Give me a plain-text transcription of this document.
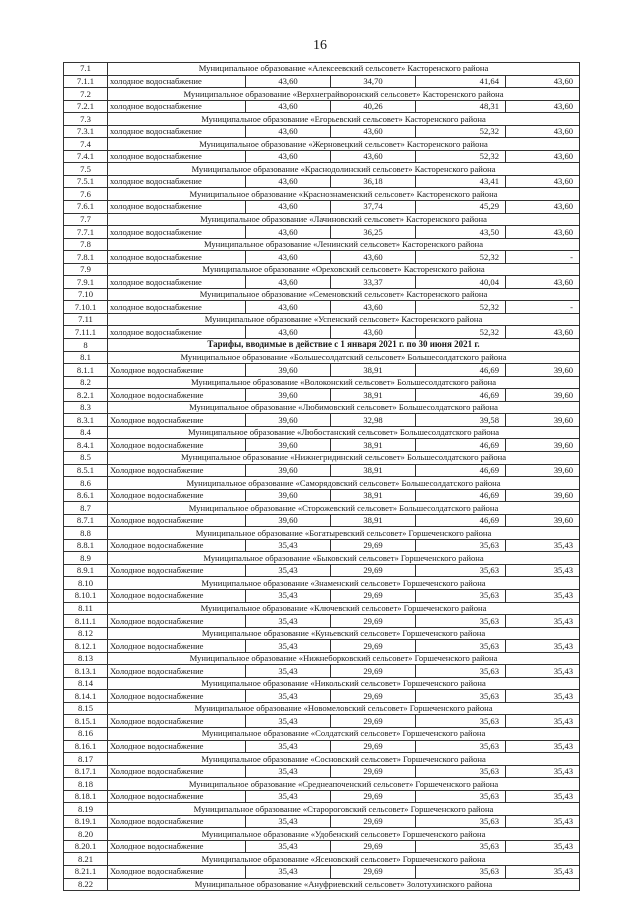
16
7.1	Муниципальное образование «Алексеевский сельсовет» Касторенского района				
7.1.1	холодное водоснабжение	43,60	34,70	41,64	43,60
7.2	Муниципальное образование «Верхнеграйворонский сельсовет» Касторенского района				
7.2.1	холодное водоснабжение	43,60	40,26	48,31	43,60
7.3	Муниципальное образование «Егорьевский сельсовет» Касторенского района				
7.3.1	холодное водоснабжение	43,60	43,60	52,32	43,60
7.4	Муниципальное образование «Жерновецкий сельсовет» Касторенского района				
7.4.1	холодное водоснабжение	43,60	43,60	52,32	43,60
7.5	Муниципальное образование «Краснодолинский сельсовет» Касторенского района				
7.5.1	холодное водоснабжение	43,60	36,18	43,41	43,60
7.6	Муниципальное образование «Краснознаменский сельсовет» Касторенского района				
7.6.1	холодное водоснабжение	43,60	37,74	45,29	43,60
7.7	Муниципальное образование «Лачиновский сельсовет» Касторенского района				
7.7.1	холодное водоснабжение	43,60	36,25	43,50	43,60
7.8	Муниципальное образование «Ленинский сельсовет» Касторенского района				
7.8.1	холодное водоснабжение	43,60	43,60	52,32	-
7.9	Муниципальное образование «Ореховский сельсовет» Касторенского района				
7.9.1	холодное водоснабжение	43,60	33,37	40,04	43,60
7.10	Муниципальное образование «Семеновский сельсовет» Касторенского района				
7.10.1	холодное водоснабжение	43,60	43,60	52,32	-
7.11	Муниципальное образование «Успенский сельсовет» Касторенского района				
7.11.1	холодное водоснабжение	43,60	43,60	52,32	43,60
8	Тарифы, вводимые в действие с 1 января 2021 г. по 30 июня 2021 г.				
8.1	Муниципальное образование «Большесолдатский сельсовет» Большесолдатского района				
8.1.1	Холодное водоснабжение	39,60	38,91	46,69	39,60
8.2	Муниципальное образование «Волоконский сельсовет» Большесолдатского района				
8.2.1	Холодное водоснабжение	39,60	38,91	46,69	39,60
8.3	Муниципальное образование «Любимовский сельсовет» Большесолдатского района				
8.3.1	Холодное водоснабжение	39,60	32,98	39,58	39,60
8.4	Муниципальное образование «Любостанский сельсовет» Большесолдатского района				
8.4.1	Холодное водоснабжение	39,60	38,91	46,69	39,60
8.5	Муниципальное образование «Нижнегридинский сельсовет» Большесолдатского района				
8.5.1	Холодное водоснабжение	39,60	38,91	46,69	39,60
8.6	Муниципальное образование «Саморядовский сельсовет» Большесолдатского района				
8.6.1	Холодное водоснабжение	39,60	38,91	46,69	39,60
8.7	Муниципальное образование «Сторожевский сельсовет» Большесолдатского района				
8.7.1	Холодное водоснабжение	39,60	38,91	46,69	39,60
8.8	Муниципальное образование «Богатыревский сельсовет» Горшеченского района				
8.8.1	Холодное водоснабжение	35,43	29,69	35,63	35,43
8.9	Муниципальное образование «Быковский сельсовет» Горшеченского района				
8.9.1	Холодное водоснабжение	35,43	29,69	35,63	35,43
8.10	Муниципальное образование «Знаменский сельсовет» Горшеченского района				
8.10.1	Холодное водоснабжение	35,43	29,69	35,63	35,43
8.11	Муниципальное образование «Ключевский сельсовет» Горшеченского района				
8.11.1	Холодное водоснабжение	35,43	29,69	35,63	35,43
8.12	Муниципальное образование «Куньевский сельсовет» Горшеченского района				
8.12.1	Холодное водоснабжение	35,43	29,69	35,63	35,43
8.13	Муниципальное образование «Нижнеборковский сельсовет» Горшеченского района				
8.13.1	Холодное водоснабжение	35,43	29,69	35,63	35,43
8.14	Муниципальное образование «Никольский сельсовет» Горшеченского района				
8.14.1	Холодное водоснабжение	35,43	29,69	35,63	35,43
8.15	Муниципальное образование «Новомеловский сельсовет» Горшеченского района				
8.15.1	Холодное водоснабжение	35,43	29,69	35,63	35,43
8.16	Муниципальное образование «Солдатский сельсовет» Горшеченского района				
8.16.1	Холодное водоснабжение	35,43	29,69	35,63	35,43
8.17	Муниципальное образование «Сосновский сельсовет» Горшеченского района				
8.17.1	Холодное водоснабжение	35,43	29,69	35,63	35,43
8.18	Муниципальное образование «Среднеапоченский сельсовет» Горшеченского района				
8.18.1	Холодное водоснабжение	35,43	29,69	35,63	35,43
8.19	Муниципальное образование «Старороговский сельсовет» Горшеченского района				
8.19.1	Холодное водоснабжение	35,43	29,69	35,63	35,43
8.20	Муниципальное образование «Удобенский сельсовет» Горшеченского района				
8.20.1	Холодное водоснабжение	35,43	29,69	35,63	35,43
8.21	Муниципальное образование «Ясеновский сельсовет» Горшеченского района				
8.21.1	Холодное водоснабжение	35,43	29,69	35,63	35,43
8.22	Муниципальное образование «Ануфриевский сельсовет» Золотухинского района				
